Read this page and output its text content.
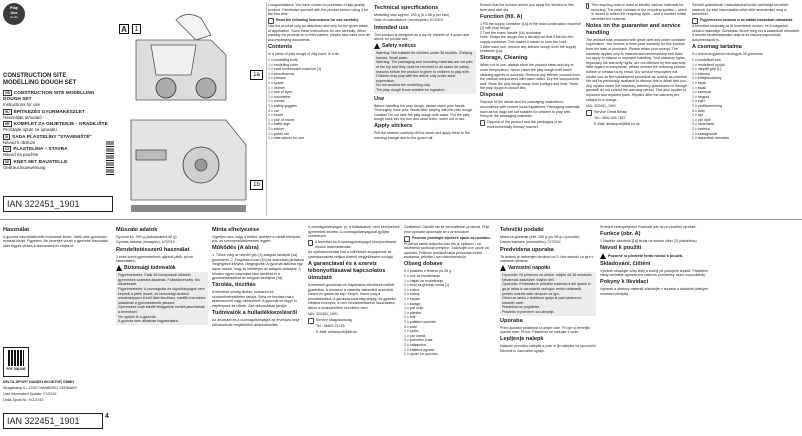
Play
tive
Junior
CONSTRUCTION SITE
MODELLING DOUGH SET
GB CONSTRUCTION SITE MODELLING DOUGH SET
Instructions for use
HU ÉPÍTKEZÉS GYURMAKÉSZLET
Használati útmutató
HR KOMPLET ZA GNJETENJE - GRADILIŠTE
Pročitajte upute za uporabu
SI SADA PLASTELÍNY "STAVENIŠTĚ"
Návod k obsluze
CZ PLASTELÍNA – STAVBA
Návod na použitie
DE KNET-SET BAUSTELLE
Gebrauchsanweisung
IAN 322451_1901
A	1
1a
1b

Congratulations! You have chosen to purchase a high-quality product. Familiarise yourself with the product before using it for the first time.

Read the following instructions for use carefully.

Use the product only as described and only for the given areas of application. Store these instructions for use carefully. When passing the product on to third parties, please also hand over all accompanying documents.

Contents

In a piece of play dough of 28g each, in a tin:

1 x modelling knife
1 x modelling roller
1 x road construction machine [1]
1 x wheelbarrow
1 x pickaxe
1 x spade
1 x helmet
1 x pair of eyes
1 x mountains
1 x mouse
1 x safety goggles
3 x car
1 x board
1 x pair of shoes
2 x traffic sign
2 x sticker
1 x guard rail
1 x instructions for use
Technical specifications

Modelling clay approx. 290 g (5 x 58 g per can)

Date of manufacture (month/year): 07/2019

Intended use

This product is designed as a toy for children of 3 years and above for private use.

Safety notices
Warning: Not suitable for children under 36 months. Choking hazard. Small parts.
Warning: The packaging and mounting materials are not part of the toy and they must be removed in all cases for safety reasons before the product is given to children to play with.
Children may play with the article only under adult supervision.
Do not swallow the modelling clay.
The play dough is not suitable for ingestion.
Use

Before handling the play dough, please wash your hands. Thoroughly rinse your hands after playing with the play dough. Caution! Do not take the play dough with water. Put the play dough back into the tins and close them, when not in use.

Apply stickers

Pull the stickers carefully off the sheet and apply them to the warning triangle and to the guard rail.

Ensure that the surface where you apply the stickers is free from dust and dirt.

Function (fill. A)
1 Fill the supply container [1a] of the road construction machine [1] with play dough.
2 Turn the crank handle [1b] clockwise.
Note: Shape the dough into a flat strip so that it fits into the supply container. This makes it easier to form the road.
3 After each use, remove any leftover dough from the supply container [1a].
Storage, Cleaning

When not in use, always store the product clean and dry at room temperature. Never clean the play dough with harsh cleaning agents or solvents. Remove any leftover product from the various components with warm water. Dry the components well. Store the play dough away from sunlight and heat. Store the play dough in closed tins.

Disposal

Dispose of the article and the packaging materials in accordance with current local regulations. Packaging materials such as foil bags are not suitable for children to play with. Recycle the packaging materials.

Dispose of the product and the packaging in an environmentally friendly manner.
The recycling code is used to identify various materials for recycling. The code consists of the recycling symbol – which is meant to reflect the recycling cycle – and a number which identifies the material.
Notes on the guarantee and service handling

The product was produced with great care and under constant supervision. You receive a three-year warranty for this product from the date of purchase. Please retain your receipt. The warranty applies only to material and workmanship and does not apply to misuse or improper handling. Your statutory rights, especially the warranty rights, are not affected by this warranty. With regard to complaints, please contact the following service hotline or contact us by email. Our service employees will advise you on the subsequent procedure as quickly as possible. We will be personally available to discuss this in detail with you. Any repairs under the warranty, statutory guarantees or through goodwill do not extend the warranty period. This also applies to replaced and repaired parts. Repairs after the warranty are subject to a charge.

IAN: 322451_1901

Service Great Britain

Tel.: 0800 404 7657

E-Mail: deltasport@lidl.co.uk

Szívből gratulálunk! Választásával kiváló minőségű terméket vásárolt. Az első használatba vétel előtt ismerkedjen meg a termékkel.

Figyelmesen olvassa el az alábbi használati útmutatót.

A terméket kizárólag az itt ismertetett módon, és a megadott célokra használja. Gondosan őrizze meg ezt a használati útmutatót. A termék továbbadásakor adja át az összes kapcsolódó dokumentációt is.

A csomag tartalma

5 x dobozos gyurma mindegyik 28 grammos:

1 x modellező kés
1 x modellező nyújtó
1 x útépítő gép [1]
1 x talicska
1 x kőfejtőcsákány
1 x lapát
1 x sisak
1 x szempár
1 x hegyek
1 x egér
1 x védőszemüveg
3 x autó
1 x lap
1 x pár cipő
2 x utcai tábla
2 x matrica
1 x szalagkorlát
1 x használati útmutató
Használat

A gyurma használata előtt mossanak kezet. Játék után gondosan mossák kezet. Figyelem: Ne keverjék vízzel a gyurmát! Használat után tegyék vissza a dobozokba és zárják le.

PDF ONLINE

DELTA-SPORT HANDELSKONTOR GMBH

Wragekamp 6 • 22397 HAMBURG GERMANY

Last Information Update: 07/2019

Delta-Sport-Nr.: KG-8743

IAN 322451_1901	4
Műszaki adatok

Gyurma kb. 290 g (dobozonként 58 g)

Gyártás dátuma (hónap/év): 07/2019

Rendeltetésszerű használat

3 éves kortól gyermekeknek ajánlott játék, privát használatra.

Biztonsági tudnivalók
Figyelmeztetés: Csak 36 hónaposnál idősebb gyermekek számára alkalmas. Fulladásveszély. Kis alkatrészek.
Figyelmeztetés: A csomagolás és rögzítőanyagok nem képezik a játék részét, és biztonsági okokból mindenképpen el kell őket távolítani, mielőtt a terméket odaadnák a gyermekeknek játszani.
Gyermekek csak felnőtt felügyelete mellett játszhatnak a termékkel.
Ne nyeljék le a gyurmát.
A gyurma nem alkalmas fogyasztásra.
Minta elhelyezése

Ügyeljen arra, hogy a felület, amelyre a mintát elhelyezi, por- és szennyeződésmentes legyen.

Működés (A ábra)

1. Töltse meg az útépítő gép [1] adagoló tartályát [1a] gyurmával. 2. Forgassa a kart [1b] az óramutató járásával megegyező irányba. Megjegyzés: A gyurmát alakítsa egy lapos csíkká, hogy az beleférjen az adagoló tartályba. 3. Minden egyes használat után távolítsa el a gyurmamaradékot az adagoló tartályból [1a].

Tárolás, tisztítás

A terméket mindig tisztán, szárazon és szobahőmérsékleten tárolja. Soha ne tisztítsa maró tisztítószerrel vagy oldószerrel. A gyurmát ne tegye ki napfénynek és hőnek. Zárt dobozokban tárolja.

Tudnivalók a hulladékkezelésről

Az árucikket és a csomagolóanyagot az érvényes helyi előírásoknak megfelelően ártalmatlanítsa.

A csomagolóanyagok, pl. a fóliatasakok, nem kerülhetnek gyermekek kezébe. A csomagolóanyagokat gyűjtse szelektíven.

A terméket és a csomagolóanyagot környezetbarát módon ártalmatlanítsa.

Az újrahasznosítási kód a különböző anyagoknak az újrahasznosítás céljára történő megjelölésére szolgál.

A garanciával és a szerviz lebonyolításával kapcsolatos útmutató

A terméket gondosan és folyamatos ellenőrzés mellett gyártottuk. A termékre a vásárlás dátumától számított három év garanciát kap. Kérjük, őrizze meg a pénztárblokkot. A garancia kizárólag anyag- és gyártási hibákra érvényes, a nem rendeltetésszerű használatra, illetve a szakszerűtlen kezelésre nem.

IAN: 322451_1901

Service Magyarország

Tel.: 06800 21225

E-Mail: deltasport@lidl.hu

Čestitamo! Odlučili ste se za kvalitetan proizvod. Prije prve uporabe upoznajte se s proizvodom.

Pozorno pročitajte sljedeće upute za uporabu.

Proizvod rabite isključivo kao što je opisano, i za navedena područja primjene. Sačuvajte ove upute za uporabu. Prilikom prosljeđivanja proizvoda trećim osobama, priložite i svu dokumentaciju.

Obseg dobave
5 x plastelin u limenci po 28 g
1 x nož za modeliranje
1 x valjak za modeliranje
1 x stroj za gradnju cesta [1]
1 x kolica
1 x kramp
1 x lopata
1 x kaciga
1 x par očiju
1 x planine
1 x miš
1 x zaštitne naočale
3 x auto
1 x ploča
1 x par cipela
2 x prometni znak
2 x naljepnica
1 x zaštitna ograda
1 x upute za uporabu
Tehnički podatki

Masa za gnetenje pribl. 290 g (po 58 g v posodici)

Datum izdelave (mesec/leto): 07/2019

Predvidena uporaba

Ta izdelek je namenjen otrokom od 3. leta starosti za igro v zasebne namene.

Varnostni napotki
Opozorilo: Ni primerno za otroke, mlajše od 36 mesecev. Nevarnost zadušitve. Majhni deli.
Opozorilo: Embalaža in pritrdilni material ni del igrače in ga je treba iz varnostnih razlogov vedno odstraniti, preden izdelek date otrokom za igro.
Otroci se lahko z izdelkom igrajo le pod nadzorom odraslih oseb.
Plastelina ne pogoltnite.
Plastelin ni primeren za uživanje.
Uporaba

Pred uporabo plastelina si umijte roke. Po igri si temeljito operite roke. Pozor: Plastelina ne mešajte z vodo.

Lepljenje nalepk

Nalepke previdno odlepite s pole in jih nalepite na opozorilni trikotnik in varovalno ograjo.

Srdečně blahopřejeme! Rozhodli jste se pro kvalitní výrobek.

Funkce (obr. A)

1 Naplňte zásobník [1a] stroje na stavbu silnic [1] plastelínou.

Návod k použití
Pozorně si přečtěte tento návod k použití.
Skladování, čištění

Výrobek skladujte vždy čistý a suchý při pokojové teplotě. Plastelínu nikdy nečistěte agresivními čisticími prostředky nebo rozpouštědly.

Pokyny k likvidaci

Výrobek a obalový materiál zlikvidujte v souladu s aktuálně platnými místními předpisy.
